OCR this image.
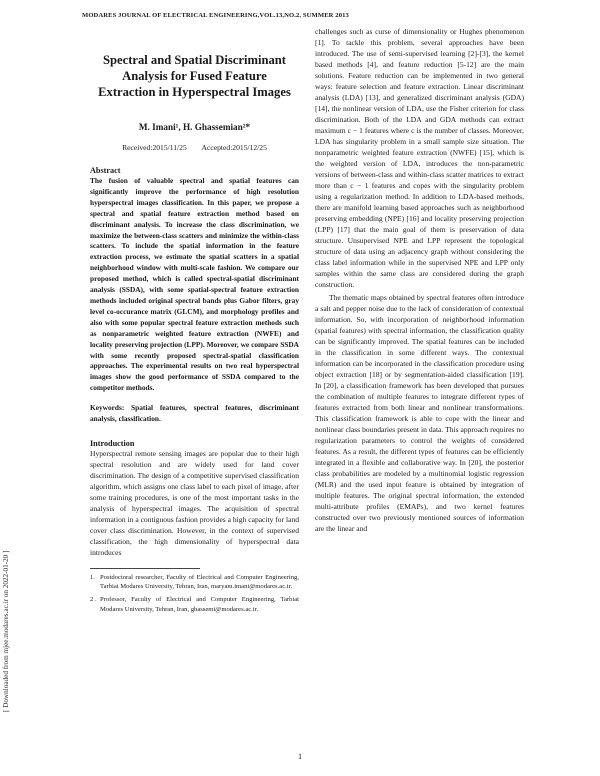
MODARES JOURNAL OF ELECTRICAL ENGINEERING,VOL.13,NO.2, SUMMER 2013
[ Downloaded from mjee.modares.ac.ir on 2022-01-20 ]
Spectral and Spatial Discriminant
Analysis for Fused Feature
Extraction in Hyperspectral Images
M. Imani¹, H. Ghassemian²*
Received:2015/11/25        Accepted:2015/12/25
Abstract
The fusion of valuable spectral and spatial features can significantly improve the performance of high resolution hyperspectral images classification. In this paper, we propose a spectral and spatial feature extraction method based on discriminant analysis. To increase the class discrimination, we maximize the between-class scatters and minimize the within-class scatters. To include the spatial information in the feature extraction process, we estimate the spatial scatters in a spatial neighborhood window with multi-scale fashion. We compare our proposed method, which is called spectral-spatial discriminant analysis (SSDA), with some spatial-spectral feature extraction methods included original spectral bands plus Gabor filters, gray level co-occurance matrix (GLCM), and morphology profiles and also with some popular spectral feature extraction methods such as nonparametric weighted feature extraction (NWFE) and locality preserving projection (LPP). Moreover, we compare SSDA with some recently proposed spectral-spatial classification approaches. The experimental results on two real hyperspectral images show the good performance of SSDA compared to the competitor methods.
Keywords: Spatial features, spectral features, discriminant analysis, classification.
Introduction
Hyperspectral remote sensing images are popular due to their high spectral resolution and are widely used for land cover discrimination. The design of a competitive supervised classification algorithm, which assigns one class label to each pixel of image, after some training procedures, is one of the most important tasks in the analysis of hyperspectral images. The acquisition of spectral information in a contiguous fashion provides a high capacity for land cover class discrimination. However, in the context of supervised classification, the high dimensionality of hyperspectral data introduces
1. Postdoctoral researcher, Faculty of Electrical and Computer Engineering, Tarbiat Modares University, Tehran, Iran, maryam.imani@modares.ac.ir.
2 . Professor, Faculty of Electrical and Computer Engineering, Tarbiat Modares University, Tehran, Iran, ghassemi@modares.ac.ir.
challenges such as curse of dimensionality or Hughes phenomenon [1]. To tackle this problem, several approaches have been introduced. The use of semi-supervised learning [2]-[3], the kernel based methods [4], and feature reduction [5-12] are the main solutions. Feature reduction can be implemented in two general ways: feature selection and feature extraction. Linear discriminant analysis (LDA) [13], and generalized discriminant analysis (GDA) [14], the nonlinear version of LDA, use the Fisher criterion for class discrimination. Both of the LDA and GDA methods can extract maximum c − 1 features where c is the number of classes. Moreover, LDA has singularity problem in a small sample size situation. The nonparametric weighted feature extraction (NWFE) [15], which is the weighted version of LDA, introduces the non-parametric versions of between-class and within-class scatter matrices to extract more than c − 1 features and copes with the singularity problem using a regularization method. In addition to LDA-based methods, there are manifold learning based approaches such as neighborhood preserving embedding (NPE) [16] and locality preserving projection (LPP) [17] that the main goal of them is preservation of data structure. Unsupervised NPE and LPP represent the topological structure of data using an adjacency graph without considering the class label information while in the supervised NPE and LPP only samples within the same class are considered during the graph construction.
The thematic maps obtained by spectral features often introduce a salt and pepper noise due to the lack of consideration of contextual information. So, with incorporation of neighborhood information (spatial features) with spectral information, the classification quality can be significantly improved. The spatial features can be included in the classification in some different ways. The contextual information can be incorporated in the classification procedure using object extraction [18] or by segmentation-aided classification [19]. In [20], a classification framework has been developed that pursues the combination of multiple features to integrate different types of features extracted from both linear and nonlinear transformations. This classification framework is able to cope with the linear and nonlinear class boundaries present in data. This approach requires no regularization parameters to control the weights of considered features. As a result, the different types of features can be efficiently integrated in a flexible and collaborative way. In [20], the posterior class probabilities are modeled by a multinomial logistic regression (MLR) and the used input feature is obtained by integration of multiple features. The original spectral information, the extended multi-attribute profiles (EMAPs), and two kernel features constructed over two previously mentioned sources of information are the linear and
1
